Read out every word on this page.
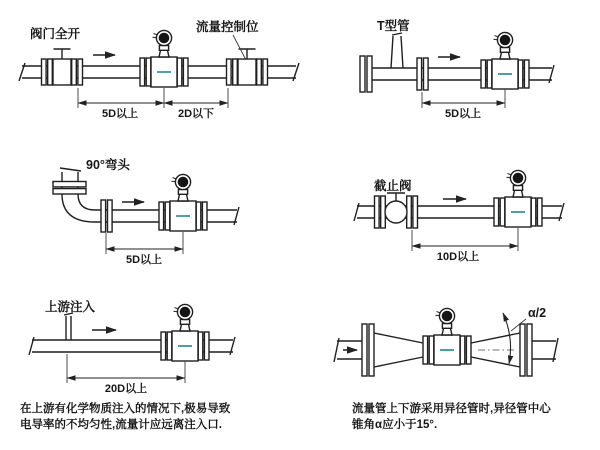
阀门全开	流量控制位
5D以上	2D以下
T型管
5D以上
90°弯头
5D以上
截止阀
10D以上
上游注入
20D以上
α/2
在上游有化学物质注入的情况下,极易导致
电导率的不均匀性,流量计应远离注入口.
流量管上下游采用异径管时,异径管中心
锥角α应小于15°.
